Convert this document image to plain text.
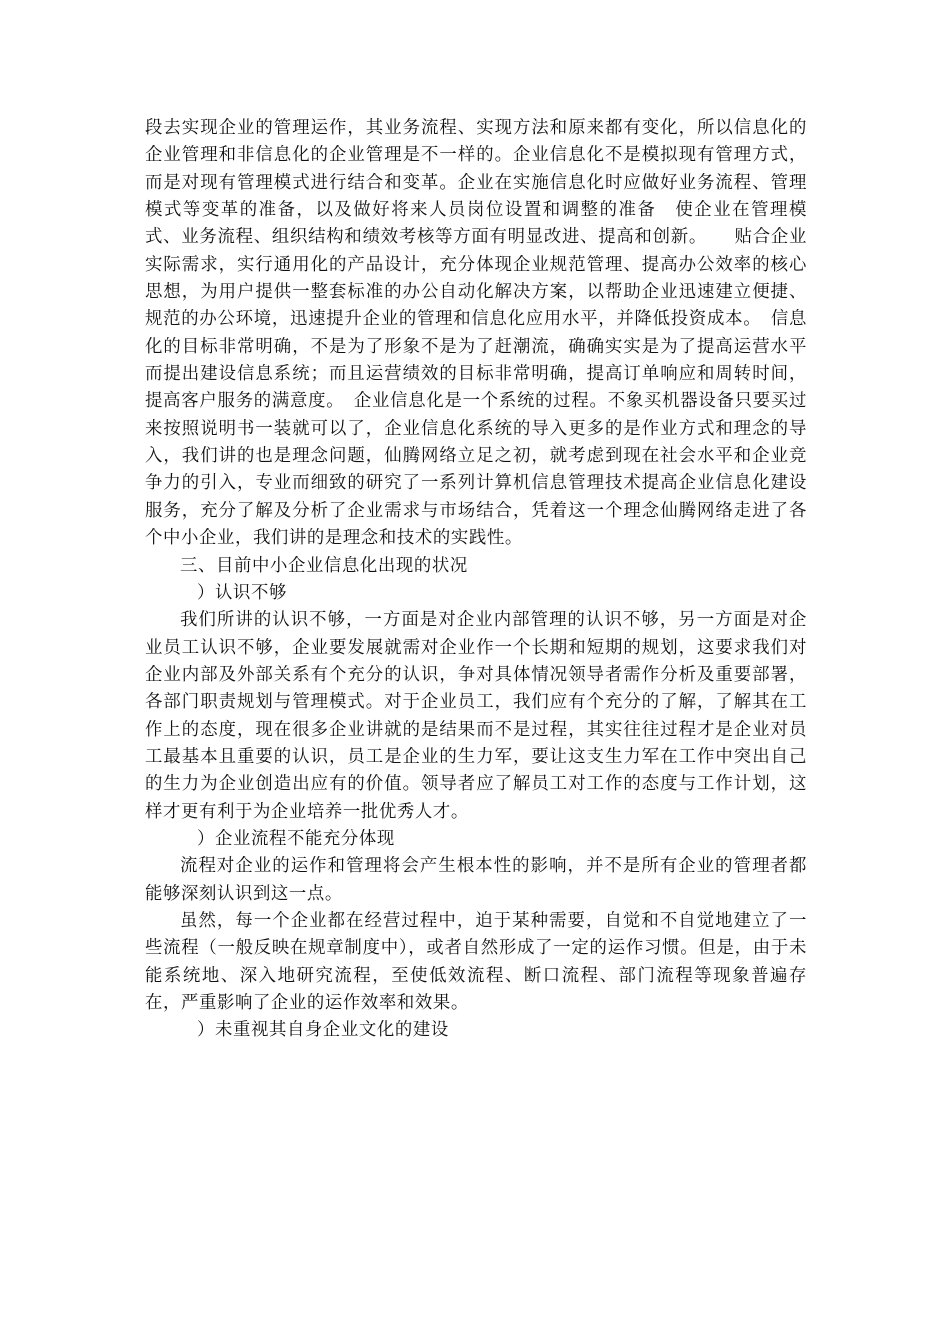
段去实现企业的管理运作，其业务流程、实现方法和原来都有变化，所以信息化的企业管理和非信息化的企业管理是不一样的。企业信息化不是模拟现有管理方式，而是对现有管理模式进行结合和变革。企业在实施信息化时应做好业务流程、管理模式等变革的准备，以及做好将来人员岗位设置和调整的准备　使企业在管理模式、业务流程、组织结构和绩效考核等方面有明显改进、提高和创新。　　贴合企业实际需求，实行通用化的产品设计，充分体现企业规范管理、提高办公效率的核心思想，为用户提供一整套标准的办公自动化解决方案，以帮助企业迅速建立便捷、规范的办公环境，迅速提升企业的管理和信息化应用水平，并降低投资成本。　信息化的目标非常明确，不是为了形象不是为了赶潮流，确确实实是为了提高运营水平而提出建设信息系统；而且运营绩效的目标非常明确，提高订单响应和周转时间，提高客户服务的满意度。　企业信息化是一个系统的过程。不象买机器设备只要买过来按照说明书一装就可以了，企业信息化系统的导入更多的是作业方式和理念的导入，我们讲的也是理念问题，仙腾网络立足之初，就考虑到现在社会水平和企业竞争力的引入，专业而细致的研究了一系列计算机信息管理技术提高企业信息化建设服务，充分了解及分析了企业需求与市场结合，凭着这一个理念仙腾网络走进了各个中小企业，我们讲的是理念和技术的实践性。

三、目前中小企业信息化出现的状况

）认识不够

我们所讲的认识不够，一方面是对企业内部管理的认识不够，另一方面是对企业员工认识不够，企业要发展就需对企业作一个长期和短期的规划，这要求我们对企业内部及外部关系有个充分的认识，争对具体情况领导者需作分析及重要部署，各部门职责规划与管理模式。对于企业员工，我们应有个充分的了解，了解其在工作上的态度，现在很多企业讲就的是结果而不是过程，其实往往过程才是企业对员工最基本且重要的认识，员工是企业的生力军，要让这支生力军在工作中突出自己的生力为企业创造出应有的价值。领导者应了解员工对工作的态度与工作计划，这样才更有利于为企业培养一批优秀人才。

）企业流程不能充分体现

流程对企业的运作和管理将会产生根本性的影响，并不是所有企业的管理者都能够深刻认识到这一点。

虽然，每一个企业都在经营过程中，迫于某种需要，自觉和不自觉地建立了一些流程（一般反映在规章制度中），或者自然形成了一定的运作习惯。但是，由于未能系统地、深入地研究流程，至使低效流程、断口流程、部门流程等现象普遍存在，严重影响了企业的运作效率和效果。

）未重视其自身企业文化的建设
